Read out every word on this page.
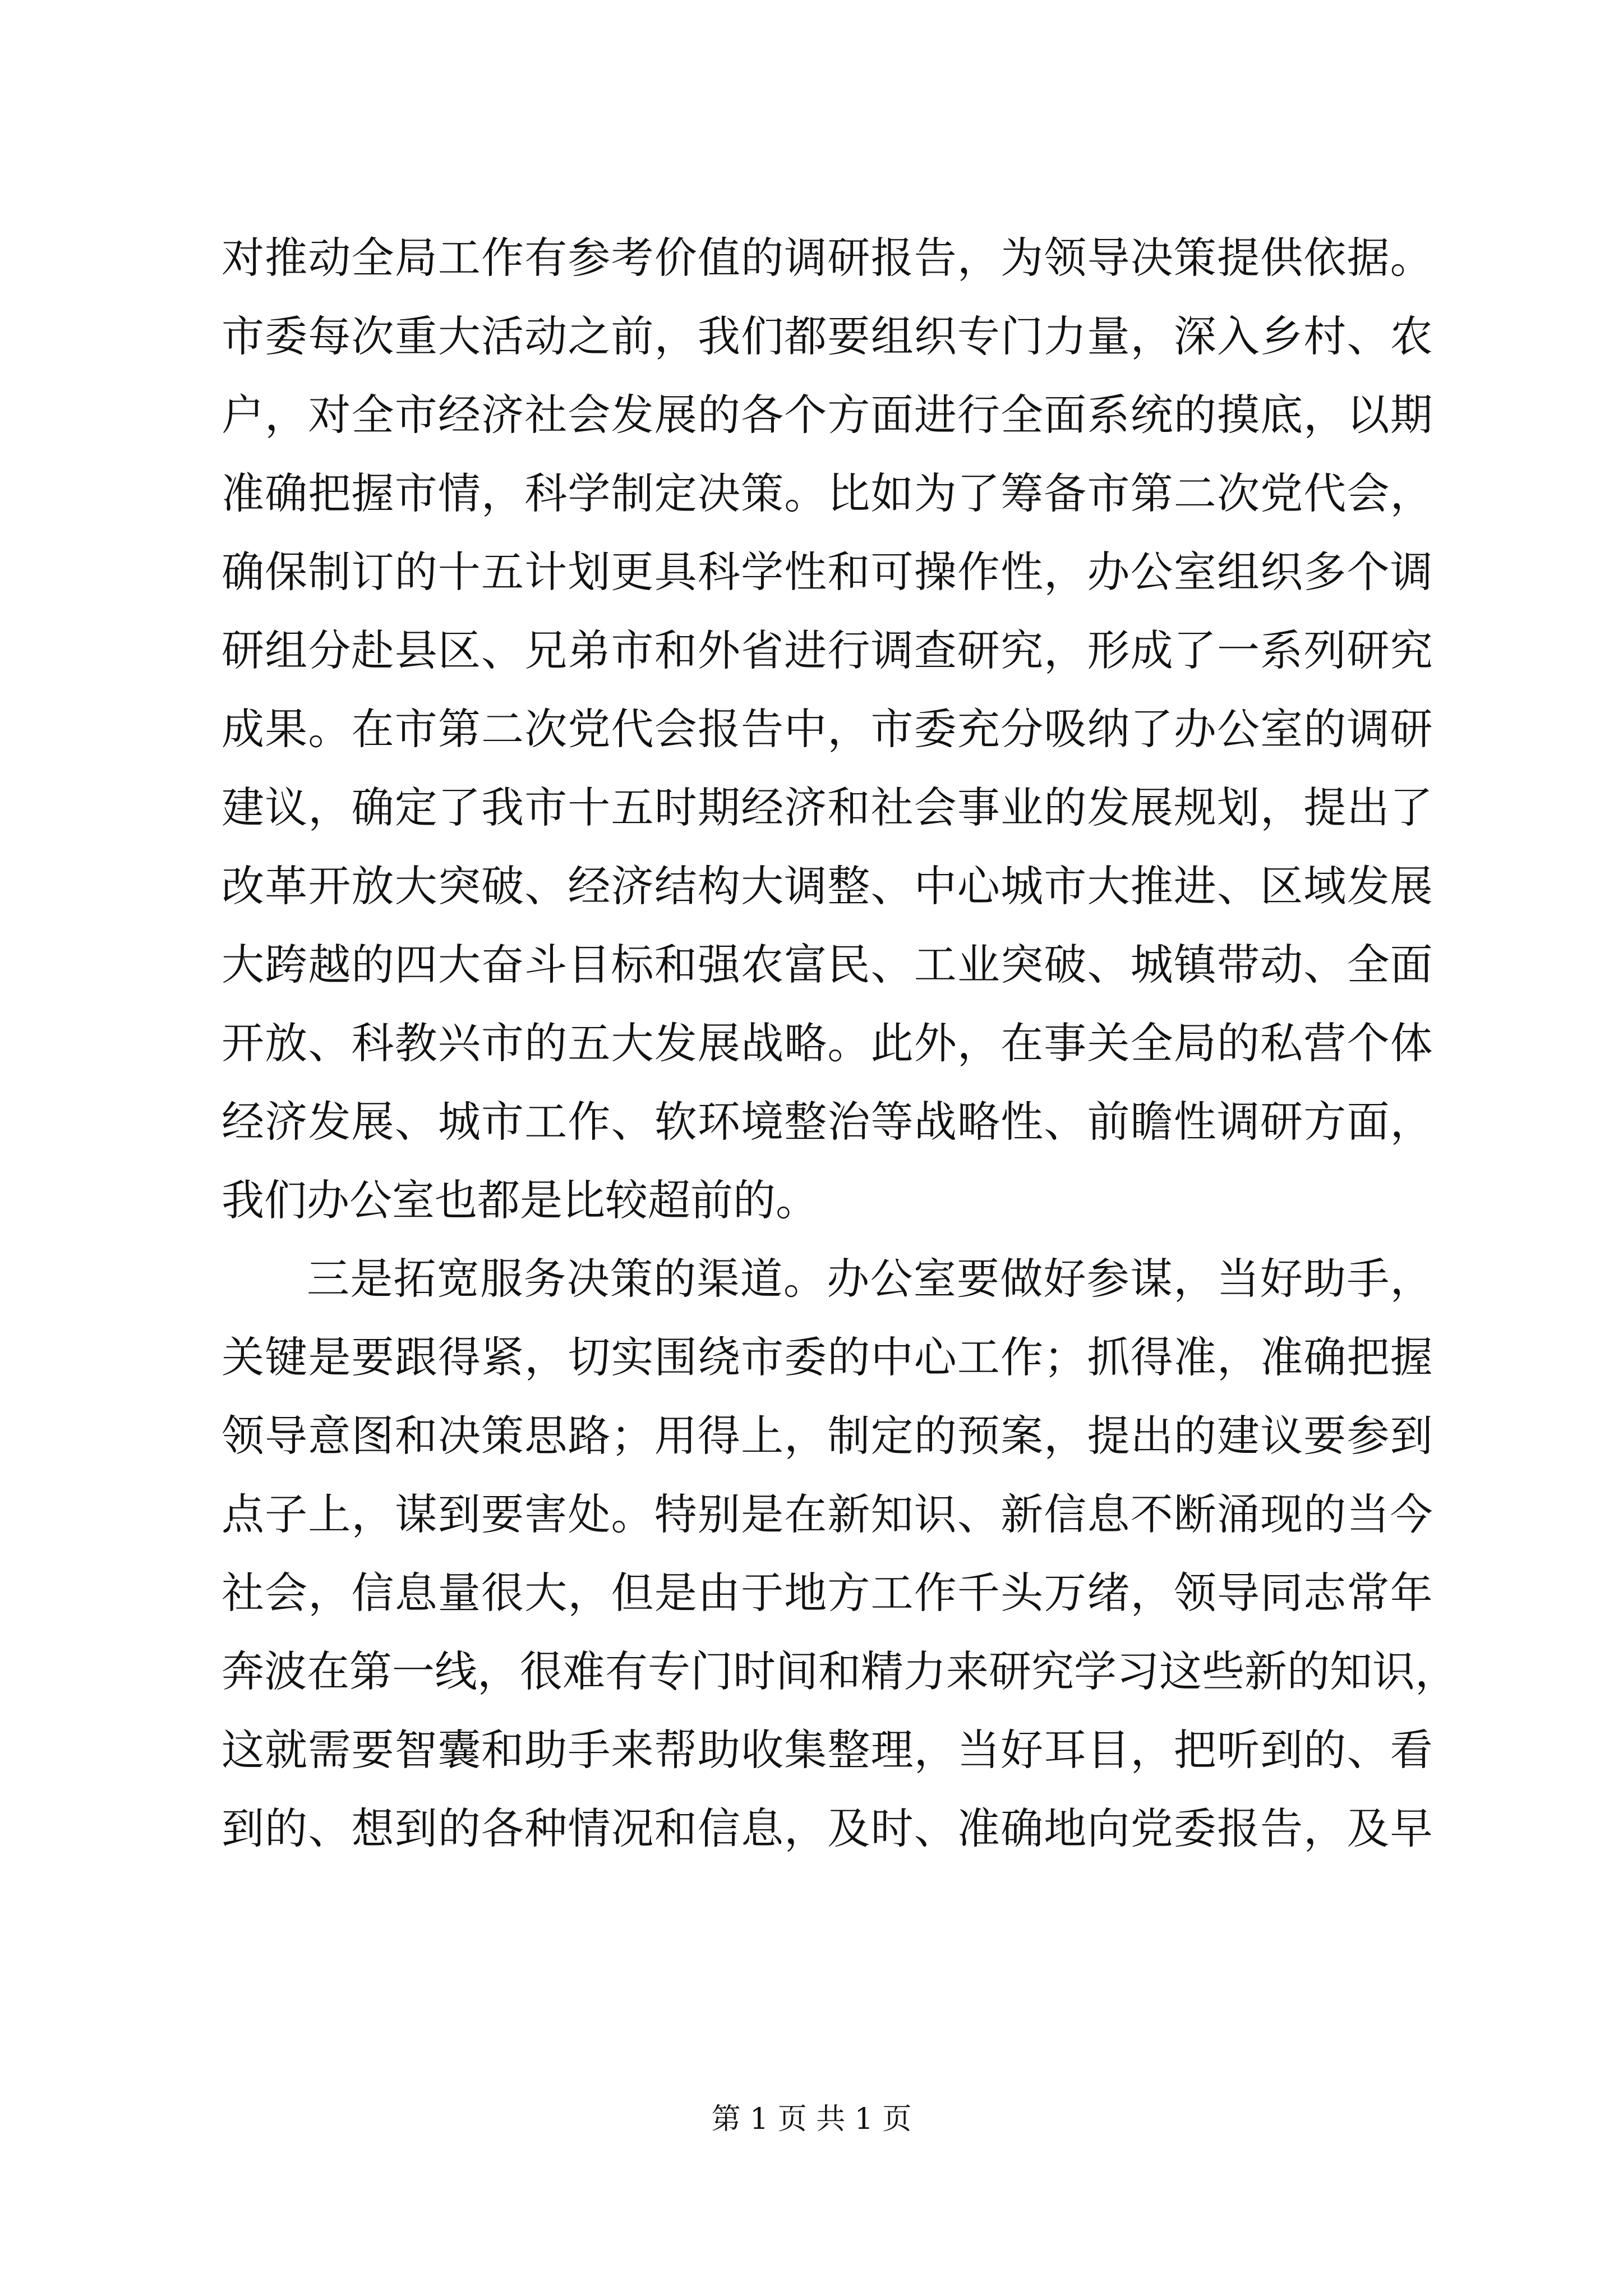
对 推 动 全 局 工 作 有 参 考 价 值 的 调 研 报 告 ， 为 领 导 决 策 提 供 依 据 。
市 委 每 次 重 大 活 动 之 前 ， 我 们 都 要 组 织 专 门 力 量 ， 深 入 乡 村 、 农
户 ， 对 全 市 经 济 社 会 发 展 的 各 个 方 面 进 行 全 面 系 统 的 摸 底 ， 以 期
准 确 把 握 市 情 ， 科 学 制 定 决 策 。 比 如 为 了 筹 备 市 第 二 次 党 代 会 ，
确 保 制 订 的 十 五 计 划 更 具 科 学 性 和 可 操 作 性 ， 办 公 室 组 织 多 个 调
研 组 分 赴 县 区 、 兄 弟 市 和 外 省 进 行 调 查 研 究 ， 形 成 了 一 系 列 研 究
成 果 。 在 市 第 二 次 党 代 会 报 告 中 ， 市 委 充 分 吸 纳 了 办 公 室 的 调 研
建 议 ， 确 定 了 我 市 十 五 时 期 经 济 和 社 会 事 业 的 发 展 规 划 ， 提 出 了
改 革 开 放 大 突 破 、 经 济 结 构 大 调 整 、 中 心 城 市 大 推 进 、 区 域 发 展
大 跨 越 的 四 大 奋 斗 目 标 和 强 农 富 民 、 工 业 突 破 、 城 镇 带 动 、 全 面
开 放 、 科 教 兴 市 的 五 大 发 展 战 略 。 此 外 ， 在 事 关 全 局 的 私 营 个 体
经 济 发 展 、 城 市 工 作 、 软 环 境 整 治 等 战 略 性 、 前 瞻 性 调 研 方 面 ，
我们办公室也都是比较超前的。
三 是 拓 宽 服 务 决 策 的 渠 道 。 办 公 室 要 做 好 参 谋 ， 当 好 助 手 ，
关 键 是 要 跟 得 紧 ， 切 实 围 绕 市 委 的 中 心 工 作 ； 抓 得 准 ， 准 确 把 握
领 导 意 图 和 决 策 思 路 ； 用 得 上 ， 制 定 的 预 案 ， 提 出 的 建 议 要 参 到
点 子 上 ， 谋 到 要 害 处 。 特 别 是 在 新 知 识 、 新 信 息 不 断 涌 现 的 当 今
社 会 ， 信 息 量 很 大 ， 但 是 由 于 地 方 工 作 千 头 万 绪 ， 领 导 同 志 常 年
奔 波 在 第 一 线 ， 很 难 有 专 门 时 间 和 精 力 来 研 究 学 习 这 些 新 的 知 识 ，
这 就 需 要 智 囊 和 助 手 来 帮 助 收 集 整 理 ， 当 好 耳 目 ， 把 听 到 的 、 看
到 的 、 想 到 的 各 种 情 况 和 信 息 ， 及 时 、 准 确 地 向 党 委 报 告 ， 及 早
第 1 页 共 1 页
